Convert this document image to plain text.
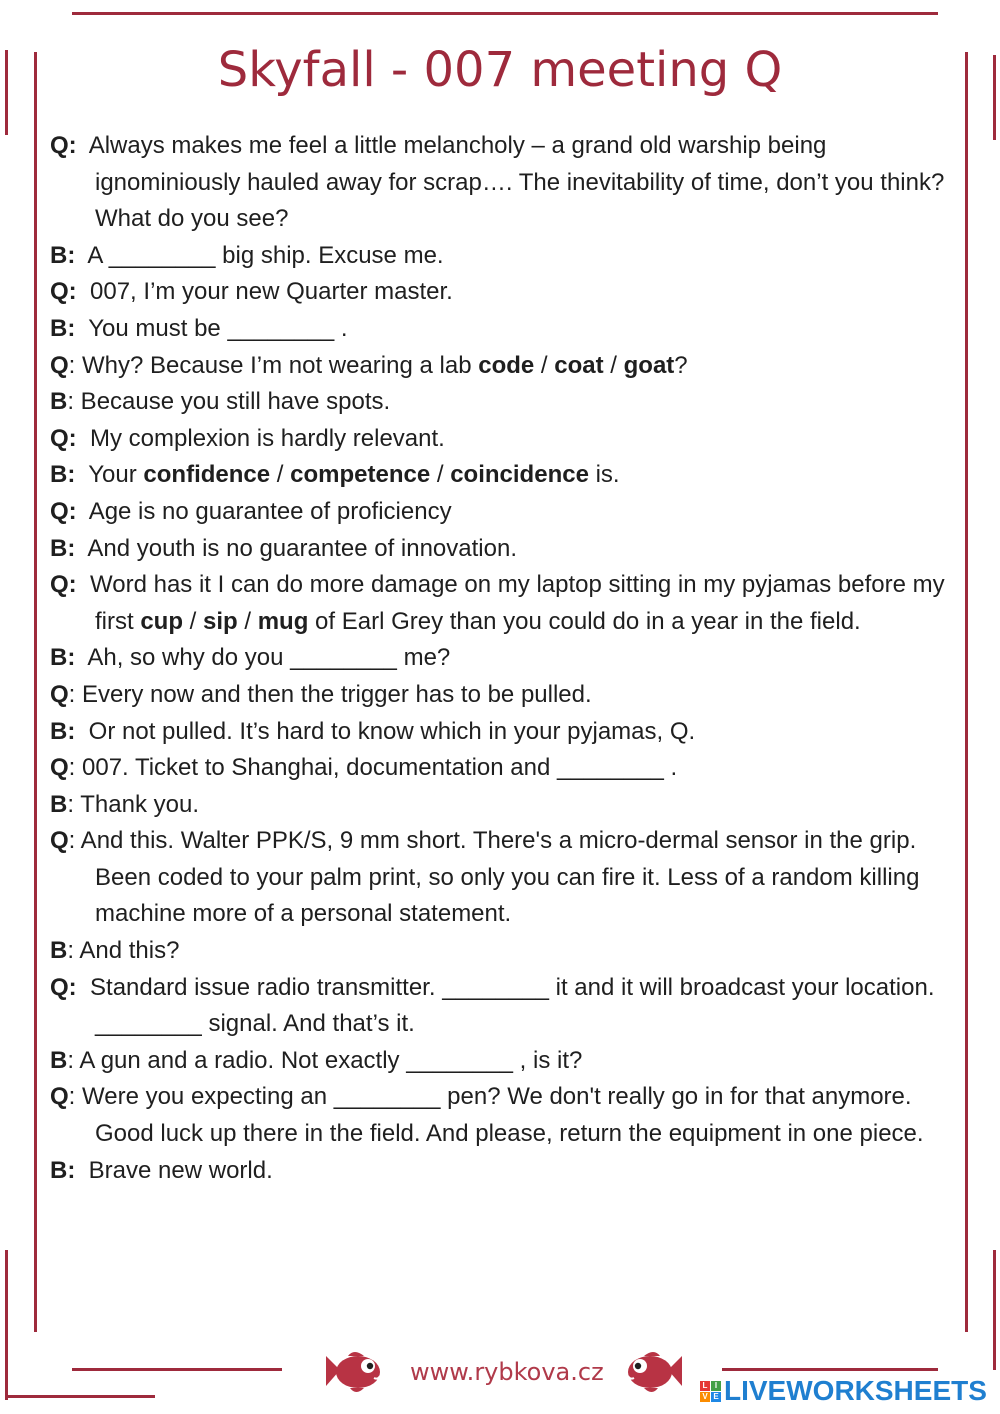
Skyfall - 007 meeting Q
Q: Always makes me feel a little melancholy – a grand old warship being ignominiously hauled away for scrap…. The inevitability of time, don’t you think? What do you see?
B: A ________ big ship. Excuse me.
Q: 007, I’m your new Quarter master.
B: You must be ________ .
Q: Why? Because I’m not wearing a lab code / coat / goat?
B: Because you still have spots.
Q: My complexion is hardly relevant.
B: Your confidence / competence / coincidence is.
Q: Age is no guarantee of proficiency
B: And youth is no guarantee of innovation.
Q: Word has it I can do more damage on my laptop sitting in my pyjamas before my first cup / sip / mug of Earl Grey than you could do in a year in the field.
B: Ah, so why do you ________ me?
Q: Every now and then the trigger has to be pulled.
B: Or not pulled. It’s hard to know which in your pyjamas, Q.
Q: 007. Ticket to Shanghai, documentation and ________ .
B: Thank you.
Q: And this. Walter PPK/S, 9 mm short. There's a micro-dermal sensor in the grip. Been coded to your palm print, so only you can fire it. Less of a random killing machine more of a personal statement.
B: And this?
Q: Standard issue radio transmitter. ________ it and it will broadcast your location. ________ signal. And that’s it.
B: A gun and a radio. Not exactly ________ , is it?
Q: Were you expecting an ________ pen? We don't really go in for that anymore. Good luck up there in the field. And please, return the equipment in one piece.
B: Brave new world.
www.rybkova.cz	L I
V E LIVEWORKSHEETS
